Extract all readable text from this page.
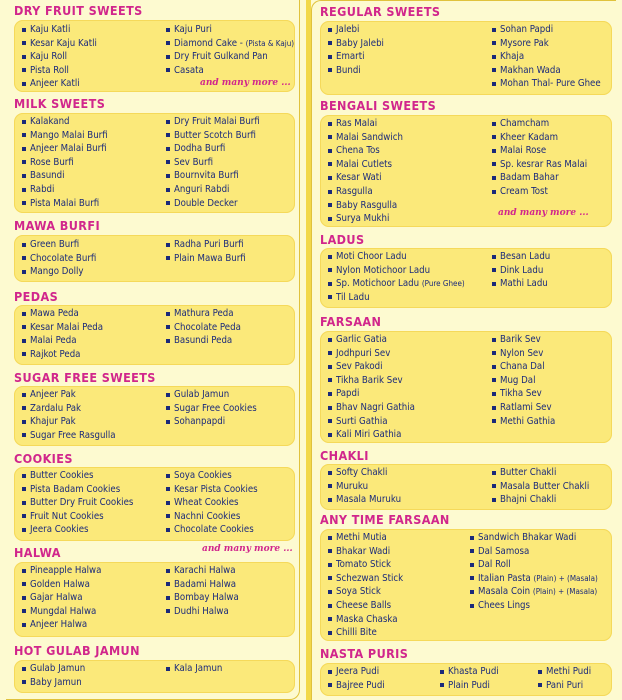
DRY FRUIT SWEETS
Kaju Katli
Kesar Kaju Katli
Kaju Roll
Pista Roll
Anjeer Katli
Kaju Puri
Diamond Cake - (Pista & Kaju)
Dry Fruit Gulkand Pan
Casata
and many more ...
MILK SWEETS
Kalakand
Mango Malai Burfi
Anjeer Malai Burfi
Rose Burfi
Basundi
Rabdi
Pista Malai Burfi
Dry Fruit Malai Burfi
Butter Scotch Burfi
Dodha Burfi
Sev Burfi
Bournvita Burfi
Anguri Rabdi
Double Decker
MAWA BURFI
Green Burfi
Chocolate Burfi
Mango Dolly
Radha Puri Burfi
Plain Mawa Burfi
PEDAS
Mawa Peda
Kesar Malai Peda
Malai Peda
Rajkot Peda
Mathura Peda
Chocolate Peda
Basundi Peda
SUGAR FREE SWEETS
Anjeer Pak
Zardalu Pak
Khajur Pak
Sugar Free Rasgulla
Gulab Jamun
Sugar Free Cookies
Sohanpapdi
COOKIES
Butter Cookies
Pista Badam Cookies
Butter Dry Fruit Cookies
Fruit Nut Cookies
Jeera Cookies
Soya Cookies
Kesar Pista Cookies
Wheat Cookies
Nachni Cookies
Chocolate Cookies
HALWA	and many more ...
Pineapple Halwa
Golden Halwa
Gajar Halwa
Mungdal Halwa
Anjeer Halwa
Karachi Halwa
Badami Halwa
Bombay Halwa
Dudhi Halwa
HOT GULAB JAMUN
Gulab Jamun
Baby Jamun
Kala Jamun
REGULAR SWEETS
Jalebi
Baby Jalebi
Emarti
Bundi
Sohan Papdi
Mysore Pak
Khaja
Makhan Wada
Mohan Thal- Pure Ghee
BENGALI SWEETS
Ras Malai
Malai Sandwich
Chena Tos
Malai Cutlets
Kesar Wati
Rasgulla
Baby Rasgulla
Surya Mukhi
Chamcham
Kheer Kadam
Malai Rose
Sp. kesrar Ras Malai
Badam Bahar
Cream Tost
and many more ...
LADUS
Moti Choor Ladu
Nylon Motichoor Ladu
Sp. Motichoor Ladu (Pure Ghee)
Til Ladu
Besan Ladu
Dink Ladu
Mathi Ladu
FARSAAN
Garlic Gatia
Jodhpuri Sev
Sev Pakodi
Tikha Barik Sev
Papdi
Bhav Nagri Gathia
Surti Gathia
Kali Miri Gathia
Barik Sev
Nylon Sev
Chana Dal
Mug Dal
Tikha Sev
Ratlami Sev
Methi Gathia
CHAKLI
Softy Chakli
Muruku
Masala Muruku
Butter Chakli
Masala Butter Chakli
Bhajni Chakli
ANY TIME FARSAAN
Methi Mutia
Bhakar Wadi
Tomato Stick
Schezwan Stick
Soya Stick
Cheese Balls
Maska Chaska
Chilli Bite
Sandwich Bhakar Wadi
Dal Samosa
Dal Roll
Italian Pasta (Plain) + (Masala)
Masala Coin (Plain) + (Masala)
Chees Lings
NASTA PURIS
Jeera Pudi
Bajree Pudi
Khasta Pudi
Plain Pudi
Methi Pudi
Pani Puri
